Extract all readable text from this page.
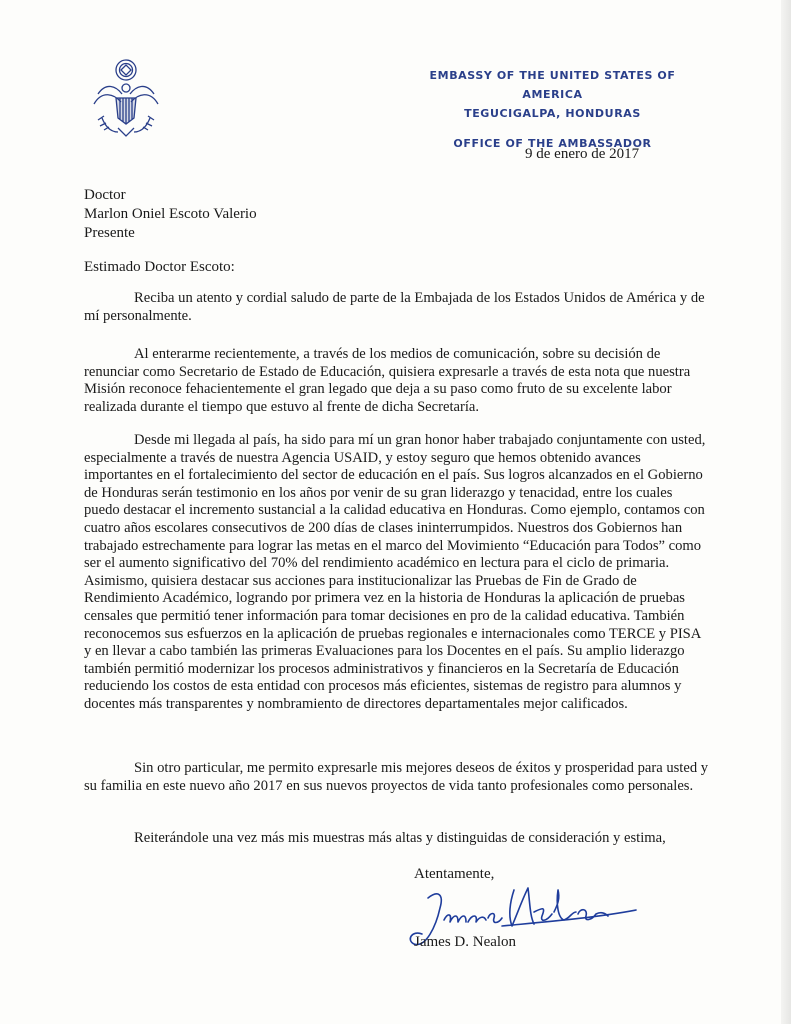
EMBASSY OF THE UNITED STATES OF AMERICA
TEGUCIGALPA, HONDURAS
OFFICE OF THE AMBASSADOR
9 de enero de 2017
Doctor
Marlon Oniel Escoto Valerio
Presente
Estimado Doctor Escoto:

Reciba un atento y cordial saludo de parte de la Embajada de los Estados Unidos de América y de mí personalmente.

Al enterarme recientemente, a través de los medios de comunicación, sobre su decisión de renunciar como Secretario de Estado de Educación, quisiera expresarle a través de esta nota que nuestra Misión reconoce fehacientemente el gran legado que deja a su paso como fruto de su excelente labor realizada durante el tiempo que estuvo al frente de dicha Secretaría.

Desde mi llegada al país, ha sido para mí un gran honor haber trabajado conjuntamente con usted, especialmente a través de nuestra Agencia USAID, y estoy seguro que hemos obtenido avances importantes en el fortalecimiento del sector de educación en el país. Sus logros alcanzados en el Gobierno de Honduras serán testimonio en los años por venir de su gran liderazgo y tenacidad, entre los cuales puedo destacar el incremento sustancial a la calidad educativa en Honduras. Como ejemplo, contamos con cuatro años escolares consecutivos de 200 días de clases ininterrumpidos. Nuestros dos Gobiernos han trabajado estrechamente para lograr las metas en el marco del Movimiento “Educación para Todos” como ser el aumento significativo del 70% del rendimiento académico en lectura para el ciclo de primaria. Asimismo, quisiera destacar sus acciones para institucionalizar las Pruebas de Fin de Grado de Rendimiento Académico, logrando por primera vez en la historia de Honduras la aplicación de pruebas censales que permitió tener información para tomar decisiones en pro de la calidad educativa. También reconocemos sus esfuerzos en la aplicación de pruebas regionales e internacionales como TERCE y PISA y en llevar a cabo también las primeras Evaluaciones para los Docentes en el país. Su amplio liderazgo también permitió modernizar los procesos administrativos y financieros en la Secretaría de Educación reduciendo los costos de esta entidad con procesos más eficientes, sistemas de registro para alumnos y docentes más transparentes y nombramiento de directores departamentales mejor calificados.

Sin otro particular, me permito expresarle mis mejores deseos de éxitos y prosperidad para usted y su familia en este nuevo año 2017 en sus nuevos proyectos de vida tanto profesionales como personales.

Reiterándole una vez más mis muestras más altas y distinguidas de consideración y estima,

Atentamente,
James D. Nealon
